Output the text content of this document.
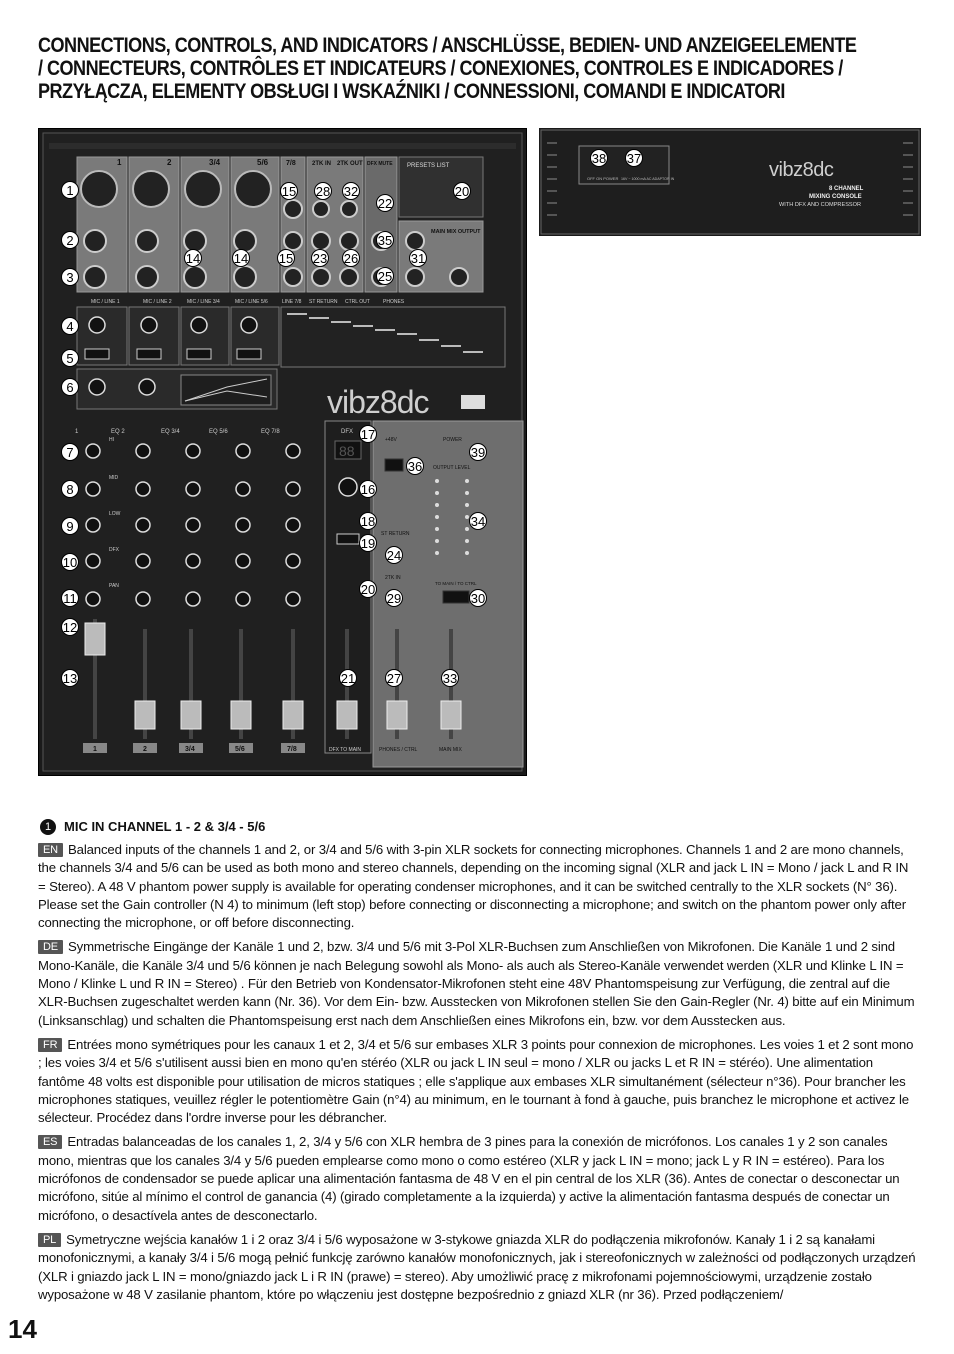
CONNECTIONS, CONTROLS, AND INDICATORS / ANSCHLÜSSE, BEDIEN- UND ANZEIGEELEMENTE
/ CONNECTEURS, CONTRÔLES ET INDICATEURS / CONEXIONES, CONTROLES E INDICADORES /
PRZYŁĄCZA, ELEMENTY OBSŁUGI I WSKAŹNIKI / CONNESSIONI, COMANDI E INDICATORI
1	2	3/4	5/6	7/8	2TK IN 2TK OUT DFX MUTE PRESETS LIST
MAIN MIX OUTPUT
MIC / LINE 1	MIC / LINE 2	MIC / LINE 3/4	MIC / LINE 5/6	LINE 7/8 ST RETURN CTRL OUT	PHONES
vibz8dc
1	EQ 2	EQ 3/4	EQ 5/6	EQ 7/8
HI
MID
LOW
DFX
PAN
DFX
88
+48V	POWER
OUTPUT LEVEL
ST RETURN
2TK IN
TO MAIN / TO CTRL
1	2	3/4	5/6	7/8	DFX TO MAIN	PHONES / CTRL	MAIN MIX
1
2
3
4
5
6
7
8
9
10
11
12
13
14	14
15
15
28 32
23 26
22
35
25
31
20
17
36
39
16
18	34
19
24
20
29	30
21 27	33
OFF ON POWER 16V ~ 1000 mA AC ADAPTOR IN	vibz8dc
8 CHANNEL
MIXING CONSOLE
WITH DFX AND COMPRESSOR
38 37
1 MIC IN CHANNEL 1 - 2 & 3/4 - 5/6

EN Balanced inputs of the channels 1 and 2, or 3/4 and 5/6 with 3-pin XLR sockets for connecting microphones. Channels 1 and 2 are mono channels, the channels 3/4 and 5/6 can be used as both mono and stereo channels, depending on the incoming signal (XLR and jack L IN = Mono / jack L and R IN = Stereo). A 48 V phantom power supply is available for operating condenser microphones, and it can be switched centrally to the XLR sockets (N° 36). Please set the Gain controller (N 4) to minimum (left stop) before connecting or disconnecting a microphone; and switch on the phantom power only after connecting the microphone, or off before disconnecting.

DE Symmetrische Eingänge der Kanäle 1 und 2, bzw. 3/4 und 5/6 mit 3-Pol XLR-Buchsen zum Anschließen von Mikrofonen. Die Kanäle 1 und 2 sind Mono-Kanäle, die Kanäle 3/4 und 5/6 können je nach Belegung sowohl als Mono- als auch als Stereo-Kanäle verwendet werden (XLR und Klinke L IN = Mono / Klinke L und R IN = Stereo) . Für den Betrieb von Kondensator-Mikrofonen steht eine 48V Phantomspeisung zur Verfügung, die zentral auf die XLR-Buchsen zugeschaltet werden kann (Nr. 36). Vor dem Ein- bzw. Ausstecken von Mikrofonen stellen Sie den Gain-Regler (Nr. 4) bitte auf ein Minimum (Linksanschlag) und schalten die Phantomspeisung erst nach dem Anschließen eines Mikrofons ein, bzw. vor dem Ausstecken aus.

FR Entrées mono symétriques pour les canaux 1 et 2, 3/4 et 5/6 sur embases XLR 3 points pour connexion de microphones. Les voies 1 et 2 sont mono ; les voies 3/4 et 5/6 s'utilisent aussi bien en mono qu'en stéréo (XLR ou jack L IN seul = mono / XLR ou jacks L et R IN = stéréo). Une alimentation fantôme 48 volts est disponible pour utilisation de micros statiques ; elle s'applique aux embases XLR simultanément (sélecteur n°36). Pour brancher les microphones statiques, veuillez régler le potentiomètre Gain (n°4) au minimum, en le tournant à fond à gauche, puis branchez le microphone et activez le sélecteur. Procédez dans l'ordre inverse pour les débrancher.

ES Entradas balanceadas de los canales 1, 2, 3/4 y 5/6 con XLR hembra de 3 pines para la conexión de micrófonos. Los canales 1 y 2 son canales mono, mientras que los canales 3/4 y 5/6 pueden emplearse como mono o como estéreo (XLR y jack L IN = mono; jack L y R IN = estéreo). Para los micrófonos de condensador se puede aplicar una alimentación fantasma de 48 V en el pin central de los XLR (36). Antes de conectar o desconectar un micrófono, sitúe al mínimo el control de ganancia (4) (girado completamente a la izquierda) y active la alimentación fantasma después de conectar un micrófono, o desactívela antes de desconectarlo.

PL Symetryczne wejścia kanałów 1 i 2 oraz 3/4 i 5/6 wyposażone w 3-stykowe gniazda XLR do podłączenia mikrofonów. Kanały 1 i 2 są kanałami monofonicznymi, a kanały 3/4 i 5/6 mogą pełnić funkcję zarówno kanałów monofonicznych, jak i stereofonicznych w zależności od podłączonych urządzeń (XLR i gniazdo jack L IN = mono/gniazdo jack L i R IN (prawe) = stereo). Aby umożliwić pracę z mikrofonami pojemnościowymi, urządzenie zostało wyposażone w 48 V zasilanie phantom, które po włączeniu jest dostępne bezpośrednio z gniazd XLR (nr 36). Przed podłączeniem/

14
